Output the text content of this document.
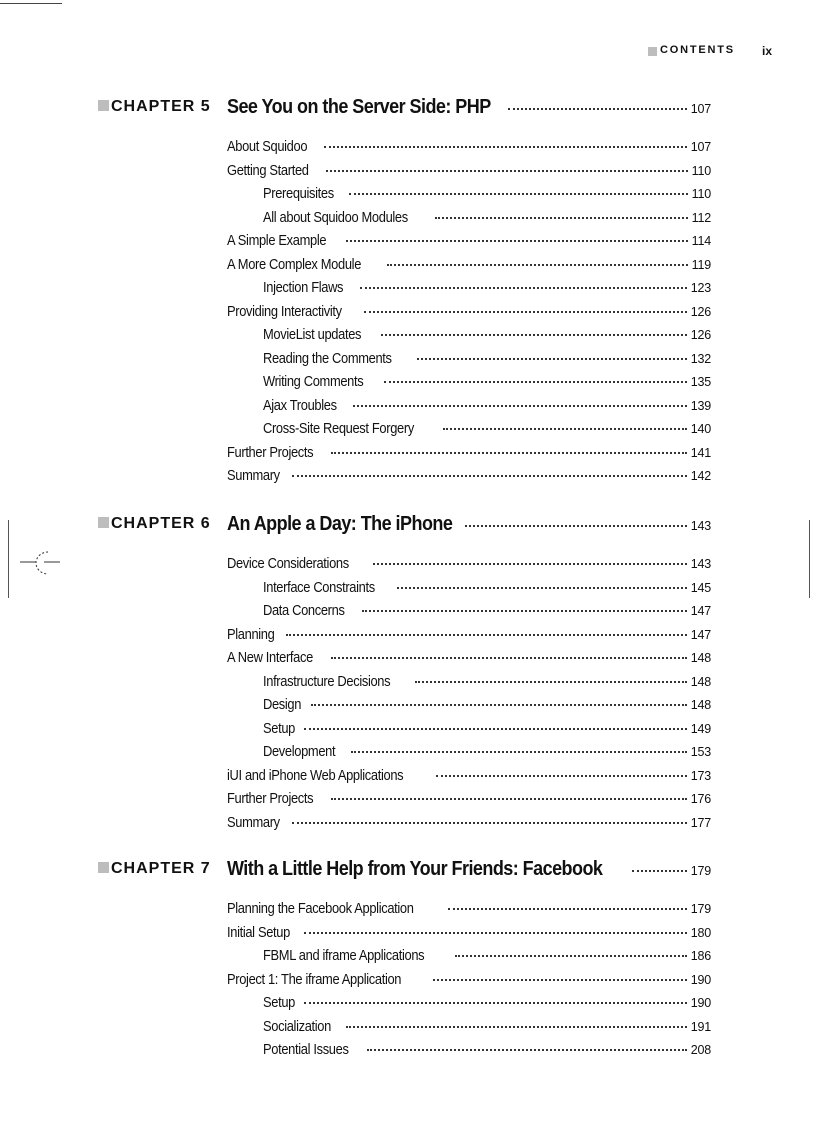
CONTENTS ix
CHAPTER 5 See You on the Server Side: PHP	107
About Squidoo	107
Getting Started	110
Prerequisites	110
All about Squidoo Modules	112
A Simple Example	114
A More Complex Module	119
Injection Flaws	123
Providing Interactivity	126
MovieList updates	126
Reading the Comments	132
Writing Comments	135
Ajax Troubles	139
Cross-Site Request Forgery	140
Further Projects	141
Summary	142
CHAPTER 6 An Apple a Day: The iPhone	143
Device Considerations	143
Interface Constraints	145
Data Concerns	147
Planning	147
A New Interface	148
Infrastructure Decisions	148
Design	148
Setup	149
Development	153
iUI and iPhone Web Applications	173
Further Projects	176
Summary	177
CHAPTER 7 With a Little Help from Your Friends: Facebook	179
Planning the Facebook Application	179
Initial Setup	180
FBML and iframe Applications	186
Project 1: The iframe Application	190
Setup	190
Socialization	191
Potential Issues	208
